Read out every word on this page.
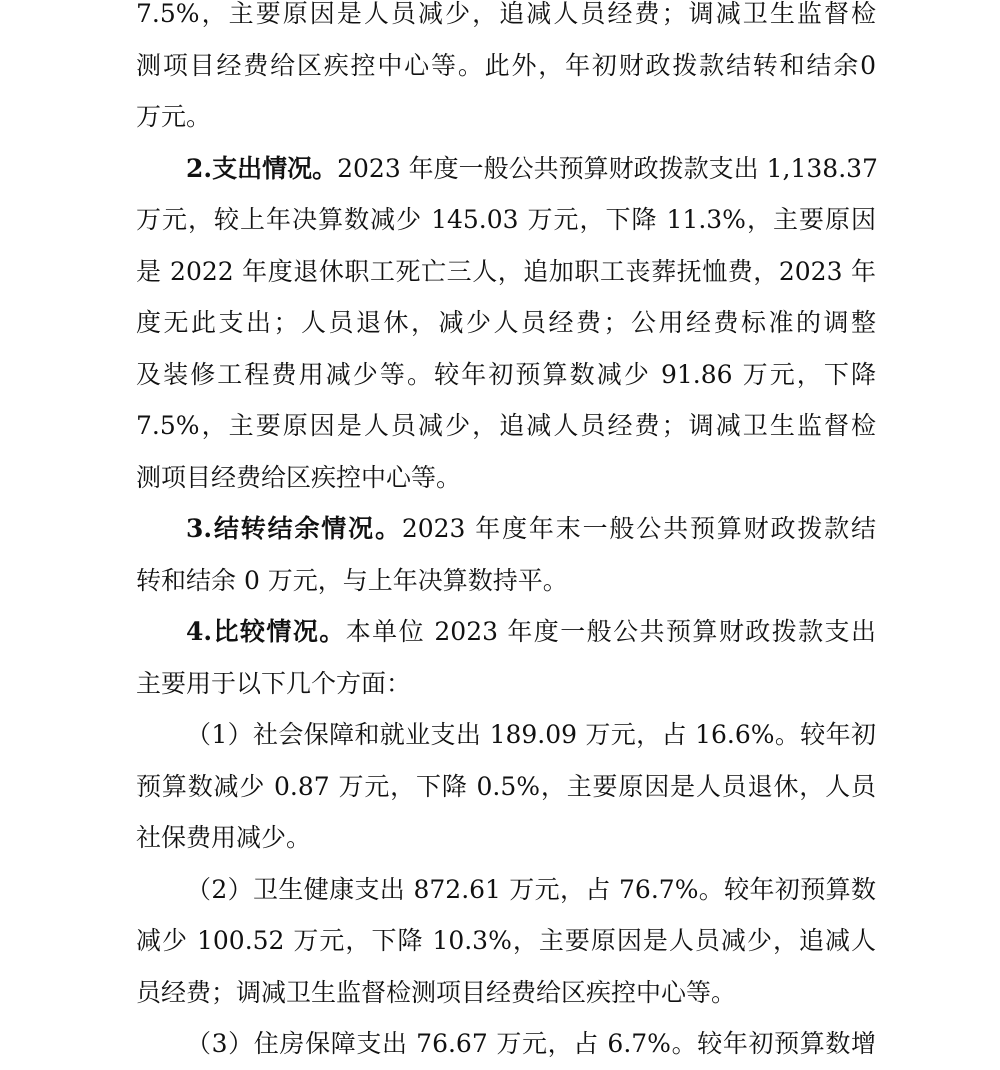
7.5%，主要原因是人员减少，追减人员经费；调减卫生监督检
测项目经费给区疾控中心等。此外，年初财政拨款结转和结余0
万元。
2.支出情况。2023 年度一般公共预算财政拨款支出 1,138.37
万元，较上年决算数减少 145.03 万元，下降 11.3%，主要原因
是 2022 年度退休职工死亡三人，追加职工丧葬抚恤费，2023 年
度无此支出；人员退休，减少人员经费；公用经费标准的调整
及装修工程费用减少等。较年初预算数减少 91.86 万元，下降
7.5%，主要原因是人员减少，追减人员经费；调减卫生监督检
测项目经费给区疾控中心等。
3.结转结余情况。2023 年度年末一般公共预算财政拨款结
转和结余 0 万元，与上年决算数持平。
4.比较情况。本单位 2023 年度一般公共预算财政拨款支出
主要用于以下几个方面：
（1）社会保障和就业支出 189.09 万元，占 16.6%。较年初
预算数减少 0.87 万元，下降 0.5%，主要原因是人员退休，人员
社保费用减少。
（2）卫生健康支出 872.61 万元，占 76.7%。较年初预算数
减少 100.52 万元，下降 10.3%，主要原因是人员减少，追减人
员经费；调减卫生监督检测项目经费给区疾控中心等。
（3）住房保障支出 76.67 万元，占 6.7%。较年初预算数增
